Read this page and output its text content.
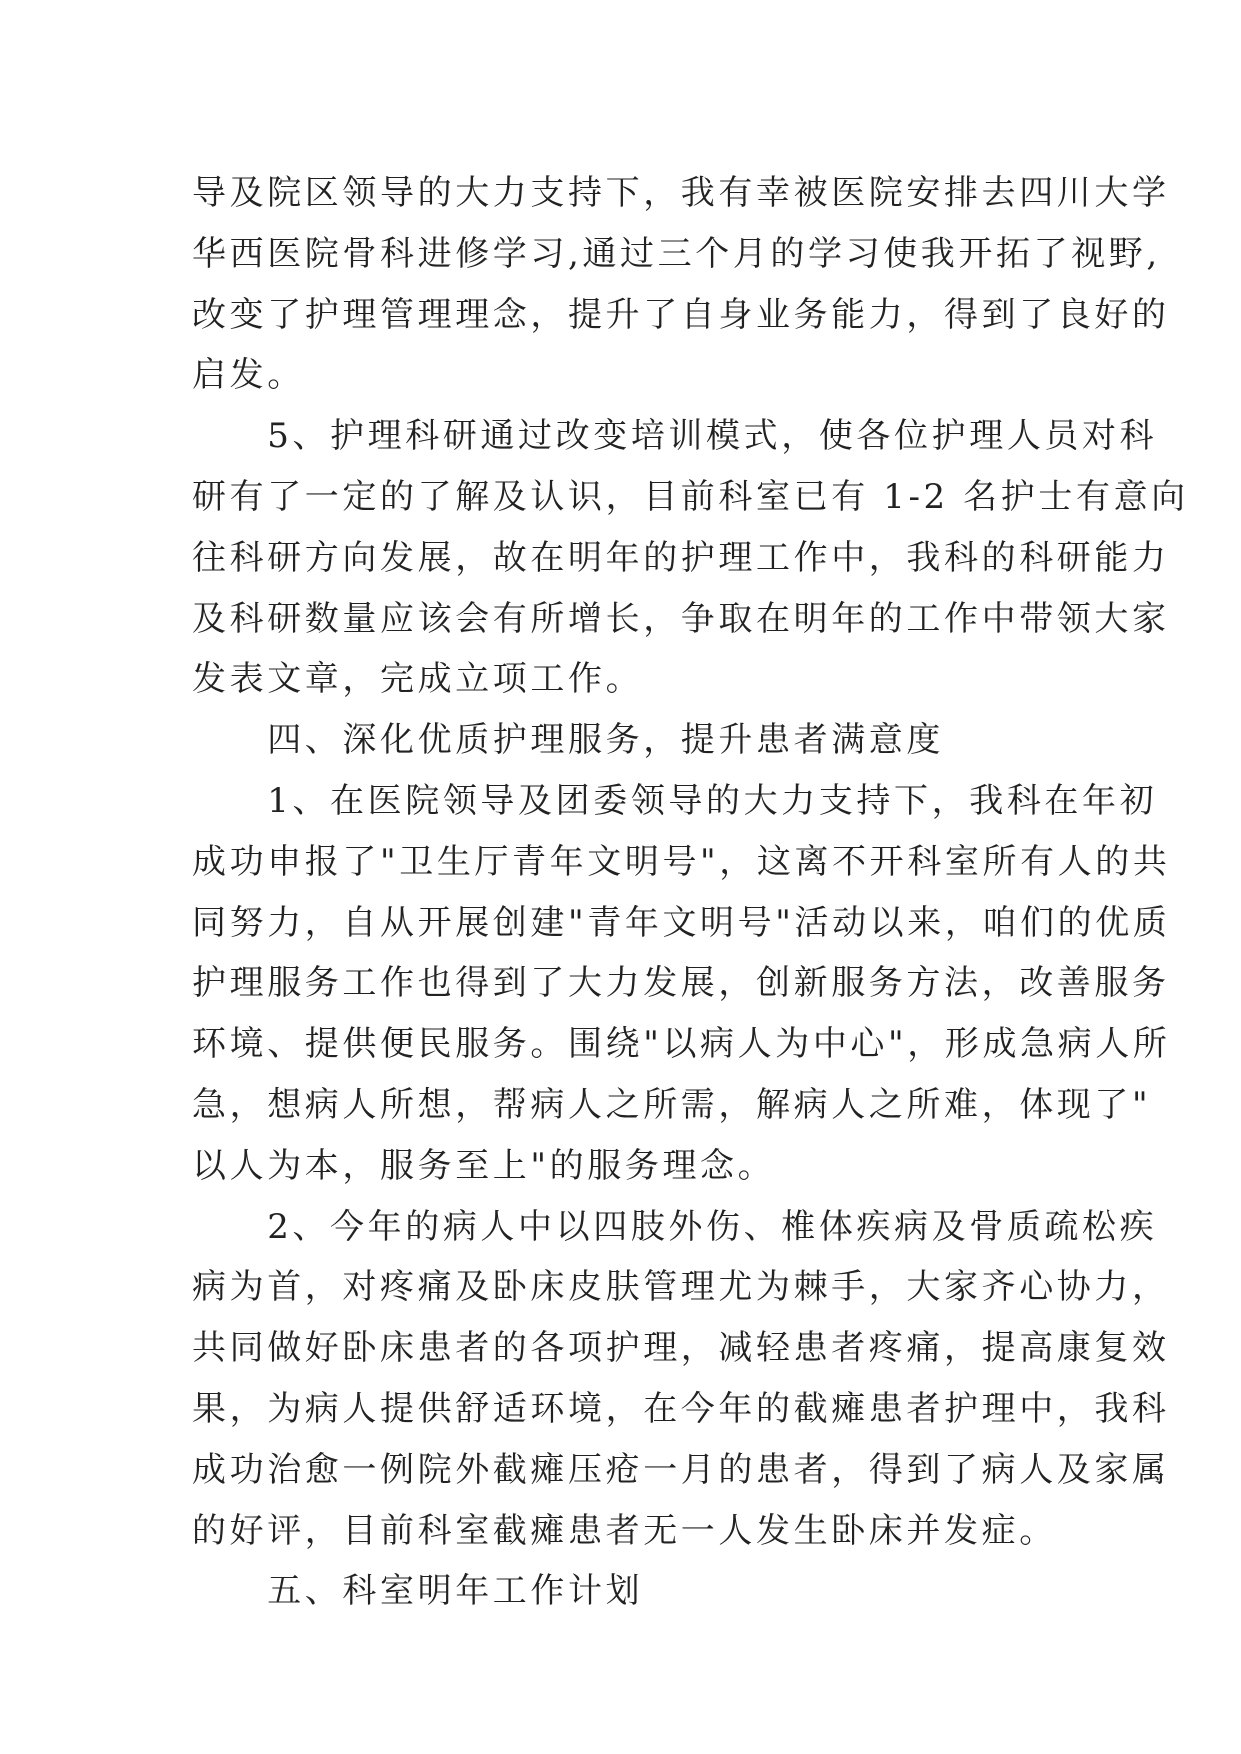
导及院区领导的大力支持下，我有幸被医院安排去四川大学
华西医院骨科进修学习,通过三个月的学习使我开拓了视野,
改变了护理管理理念，提升了自身业务能力，得到了良好的
启发。
　　5、护理科研通过改变培训模式，使各位护理人员对科
研有了一定的了解及认识，目前科室已有 1-2 名护士有意向
往科研方向发展，故在明年的护理工作中，我科的科研能力
及科研数量应该会有所增长，争取在明年的工作中带领大家
发表文章，完成立项工作。
　　四、深化优质护理服务，提升患者满意度
　　1、在医院领导及团委领导的大力支持下，我科在年初
成功申报了"卫生厅青年文明号"，这离不开科室所有人的共
同努力，自从开展创建"青年文明号"活动以来，咱们的优质
护理服务工作也得到了大力发展，创新服务方法，改善服务
环境、提供便民服务。围绕"以病人为中心"，形成急病人所
急，想病人所想，帮病人之所需，解病人之所难，体现了"
以人为本，服务至上"的服务理念。
　　2、今年的病人中以四肢外伤、椎体疾病及骨质疏松疾
病为首，对疼痛及卧床皮肤管理尤为棘手，大家齐心协力，
共同做好卧床患者的各项护理，减轻患者疼痛，提高康复效
果，为病人提供舒适环境，在今年的截瘫患者护理中，我科
成功治愈一例院外截瘫压疮一月的患者，得到了病人及家属
的好评，目前科室截瘫患者无一人发生卧床并发症。
　　五、科室明年工作计划
